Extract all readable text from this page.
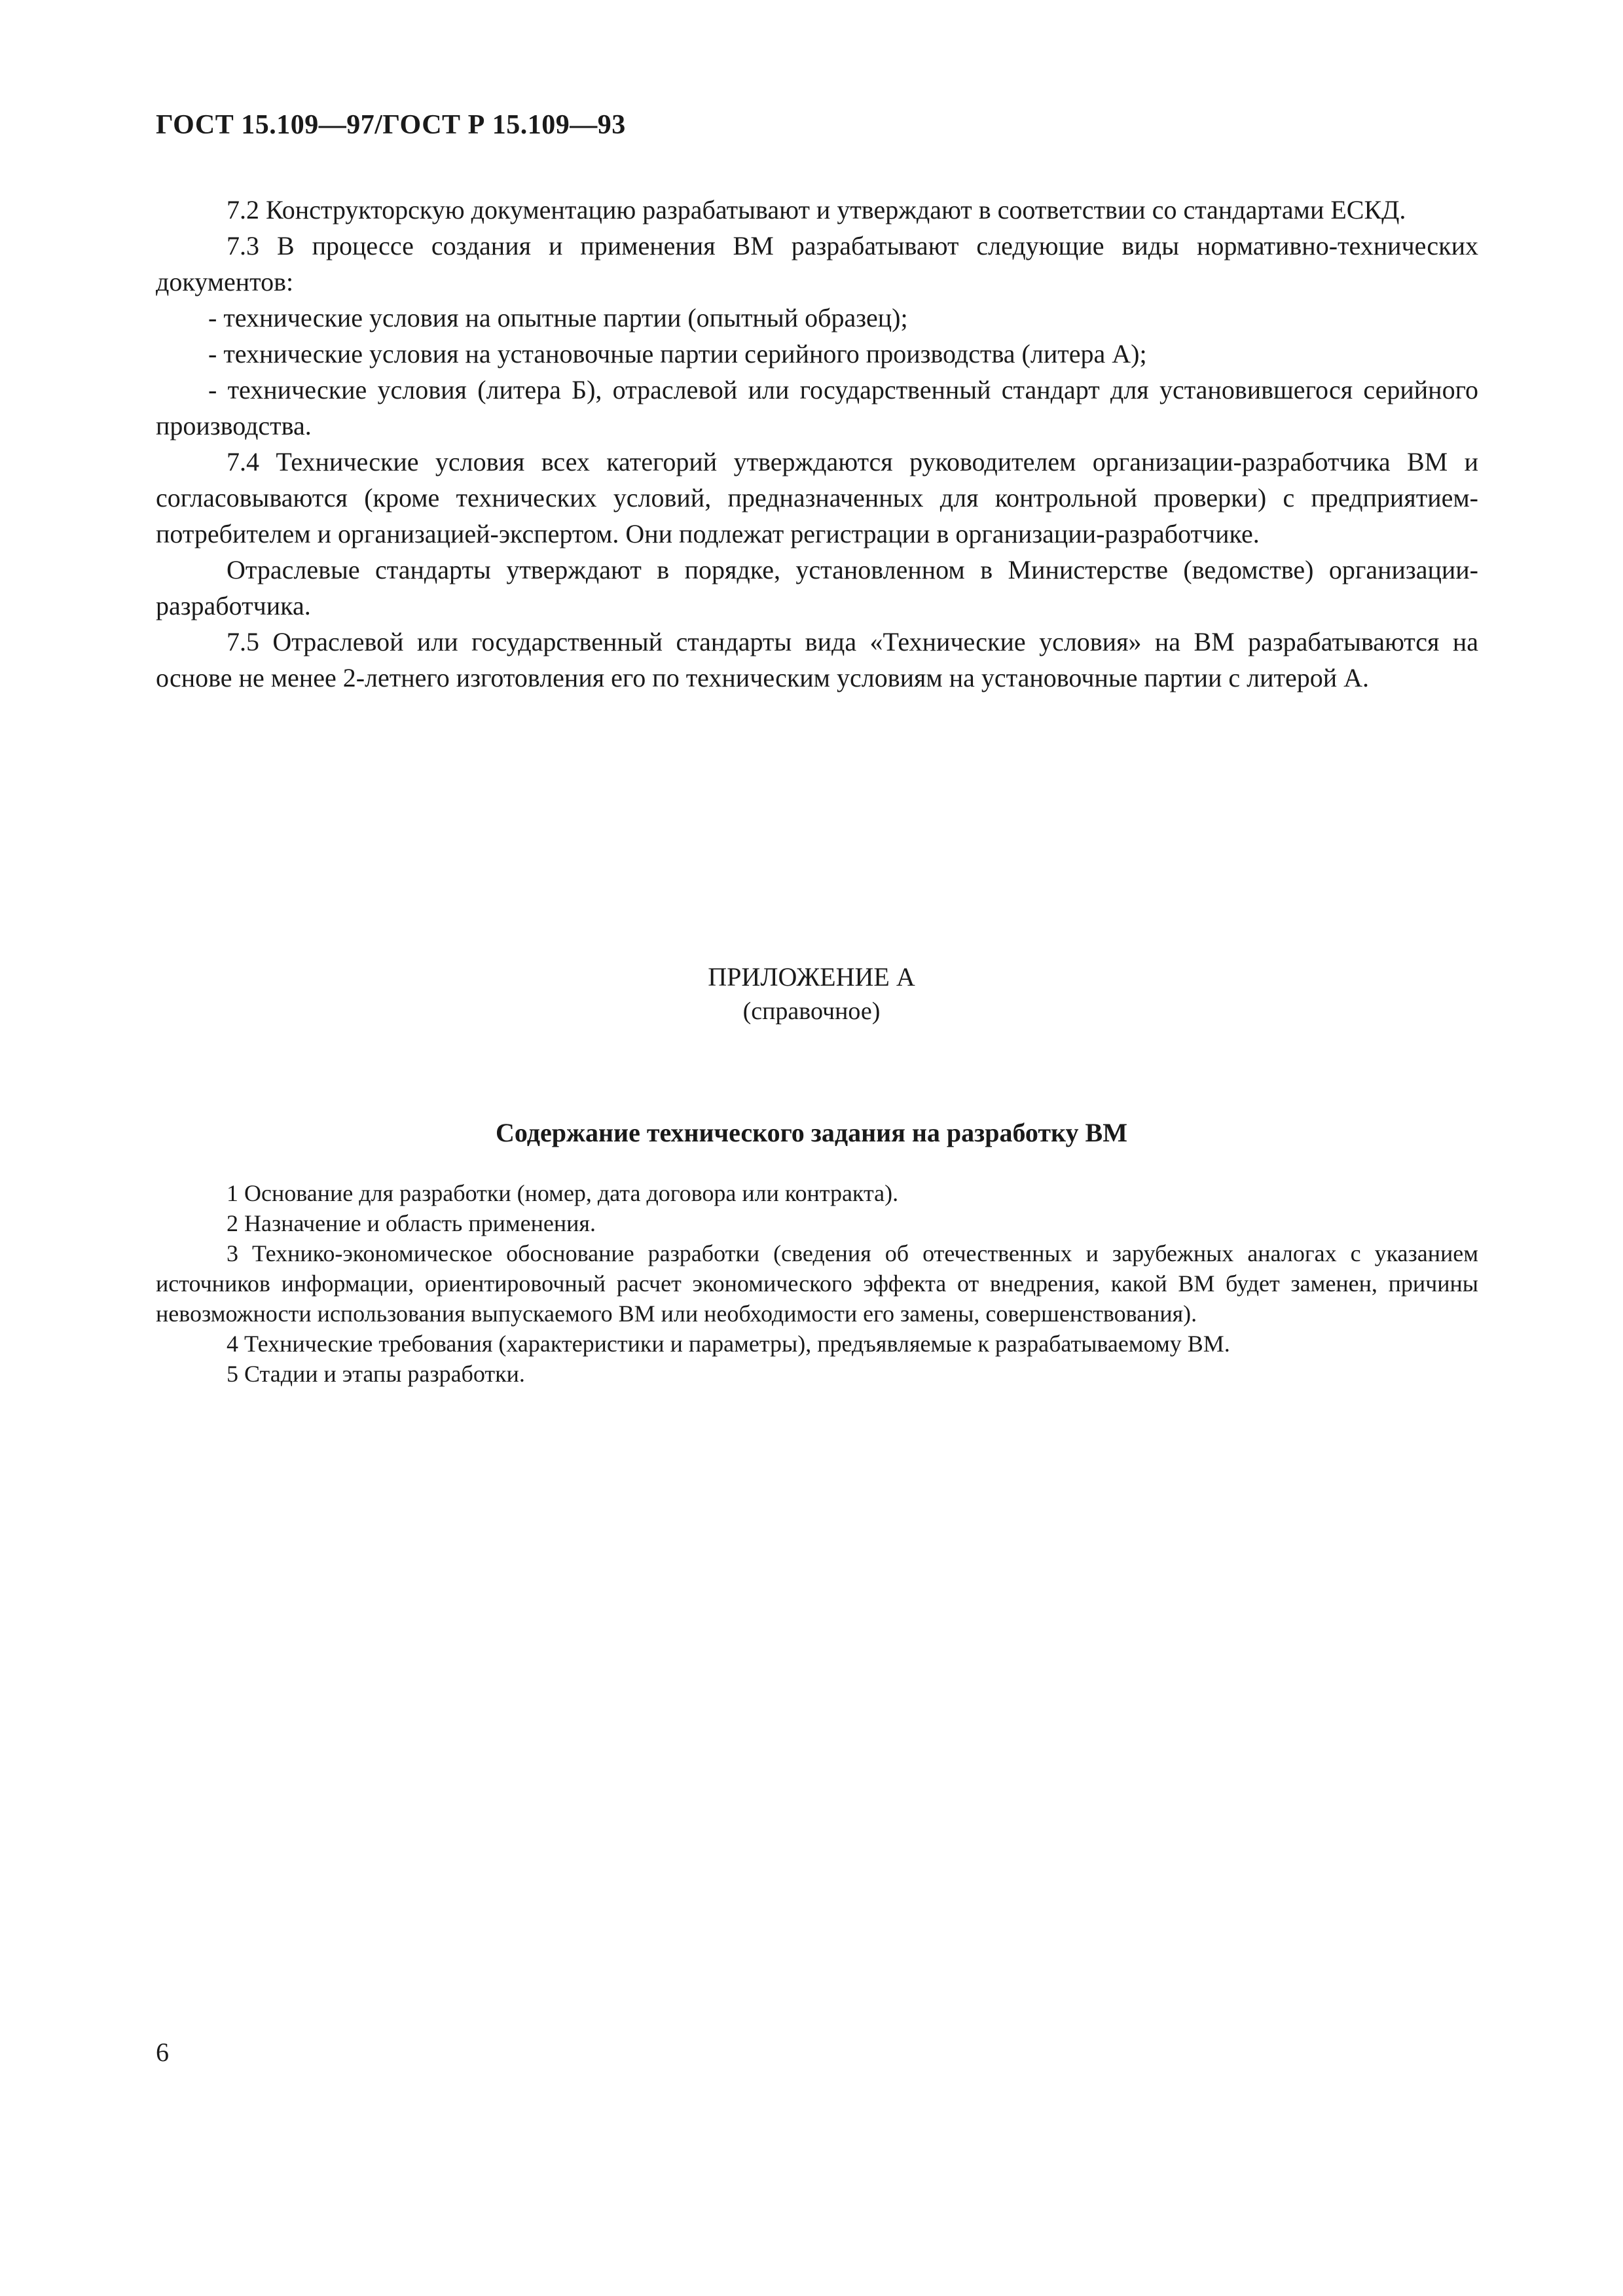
ГОСТ 15.109—97/ГОСТ Р 15.109—93

7.2 Конструкторскую документацию разрабатывают и утверждают в соответствии со стандартами ЕСКД.

7.3 В процессе создания и применения ВМ разрабатывают следующие виды нормативно-технических документов:

- технические условия на опытные партии (опытный образец);

- технические условия на установочные партии серийного производства (литера А);

- технические условия (литера Б), отраслевой или государственный стандарт для установившегося серийного производства.

7.4 Технические условия всех категорий утверждаются руководителем организации-разработчика ВМ и согласовываются (кроме технических условий, предназначенных для контрольной проверки) с предприятием-потребителем и организацией-экспертом. Они подлежат регистрации в организации-разработчике.

Отраслевые стандарты утверждают в порядке, установленном в Министерстве (ведомстве) организации-разработчика.

7.5 Отраслевой или государственный стандарты вида «Технические условия» на ВМ разрабатываются на основе не менее 2-летнего изготовления его по техническим условиям на установочные партии с литерой А.

ПРИЛОЖЕНИЕ А
(справочное)
Содержание технического задания на разработку ВМ

1 Основание для разработки (номер, дата договора или контракта).

2 Назначение и область применения.

3 Технико-экономическое обоснование разработки (сведения об отечественных и зарубежных аналогах с указанием источников информации, ориентировочный расчет экономического эффекта от внедрения, какой ВМ будет заменен, причины невозможности использования выпускаемого ВМ или необходимости его замены, совершенствования).

4 Технические требования (характеристики и параметры), предъявляемые к разрабатываемому ВМ.

5 Стадии и этапы разработки.

6
